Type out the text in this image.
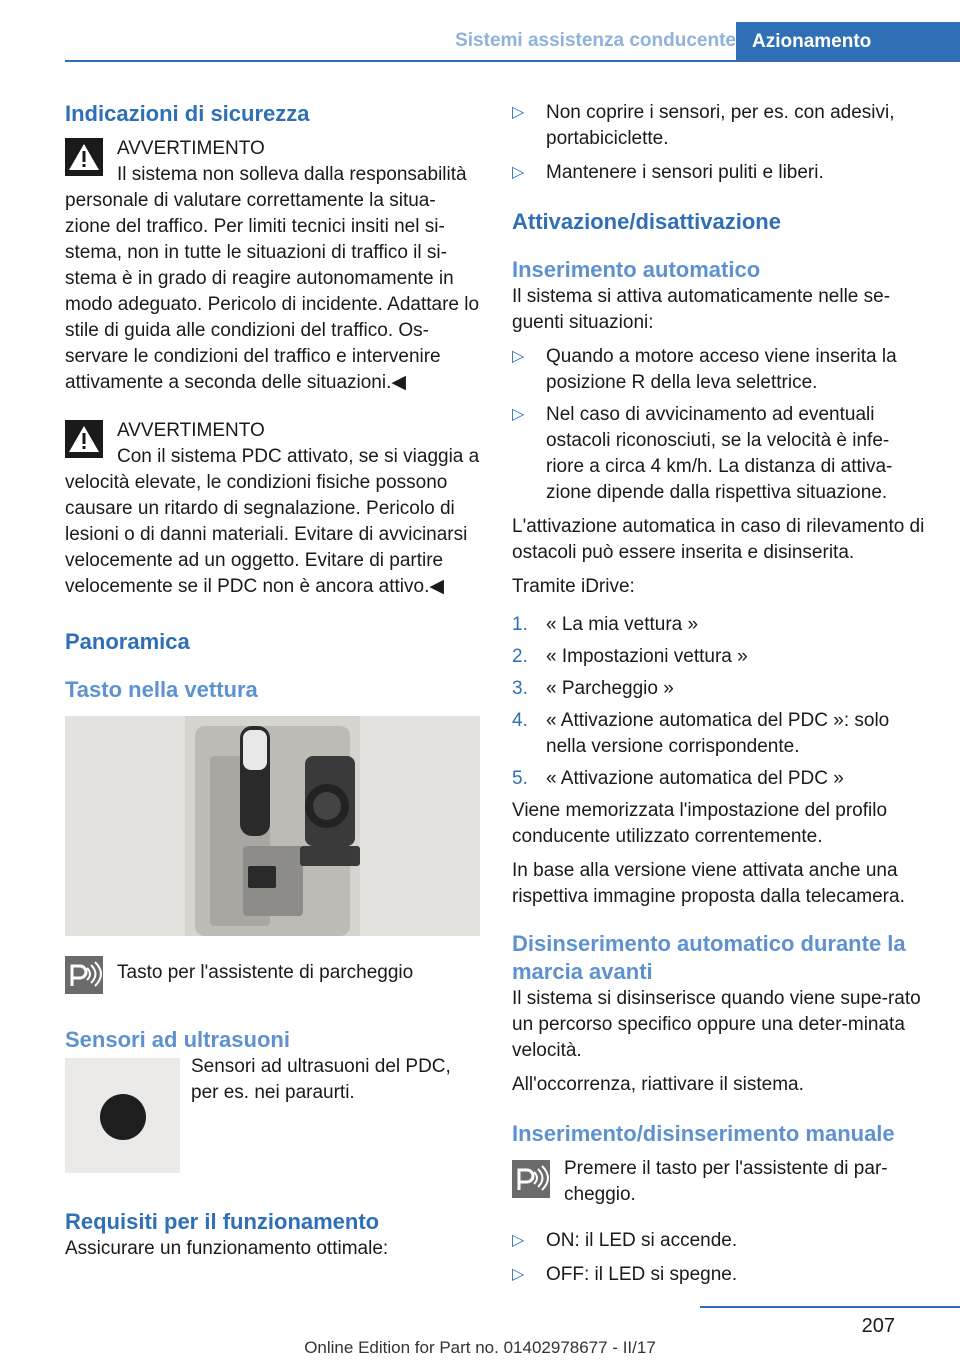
Sistemi assistenza conducente Azionamento
Indicazioni di sicurezza

AVVERTIMENTO

Il sistema non solleva dalla responsabilità personale di valutare correttamente la situa‐zione del traffico. Per limiti tecnici insiti nel si‐stema, non in tutte le situazioni di traffico il si‐stema è in grado di reagire autonomamente in modo adeguato. Pericolo di incidente. Adattare lo stile di guida alle condizioni del traffico. Os‐servare le condizioni del traffico e intervenire attivamente a seconda delle situazioni.◀

AVVERTIMENTO

Con il sistema PDC attivato, se si viaggia a velocità elevate, le condizioni fisiche possono causare un ritardo di segnalazione. Pericolo di lesioni o di danni materiali. Evitare di avvicinarsi velocemente ad un oggetto. Evitare di partire velocemente se il PDC non è ancora attivo.◀

Panoramica
Tasto nella vettura

Tasto per l'assistente di parcheggio

Sensori ad ultrasuoni

Sensori ad ultrasuoni del PDC, per es. nei paraurti.

Requisiti per il funzionamento

Assicurare un funzionamento ottimale:

▷ Non coprire i sensori, per es. con adesivi, portabiciclette.

▷ Mantenere i sensori puliti e liberi.

Attivazione/disattivazione
Inserimento automatico

Il sistema si attiva automaticamente nelle se‐guenti situazioni:

▷ Quando a motore acceso viene inserita la posizione R della leva selettrice.

▷ Nel caso di avvicinamento ad eventuali ostacoli riconosciuti, se la velocità è infe‐riore a circa 4 km/h. La distanza di attiva‐zione dipende dalla rispettiva situazione.

L'attivazione automatica in caso di rilevamento di ostacoli può essere inserita e disinserita.

Tramite iDrive:

1. « La mia vettura »

2. « Impostazioni vettura »

3. « Parcheggio »

4. « Attivazione automatica del PDC »: solo nella versione corrispondente.

5. « Attivazione automatica del PDC »

Viene memorizzata l'impostazione del profilo conducente utilizzato correntemente.

In base alla versione viene attivata anche una rispettiva immagine proposta dalla telecamera.

Disinserimento automatico durante la marcia avanti

Il sistema si disinserisce quando viene supe‐rato un percorso specifico oppure una deter‐minata velocità.

All'occorrenza, riattivare il sistema.

Inserimento/disinserimento manuale

Premere il tasto per l'assistente di par‐cheggio.

▷ ON: il LED si accende.

▷ OFF: il LED si spegne.

207
Online Edition for Part no. 01402978677 - II/17
